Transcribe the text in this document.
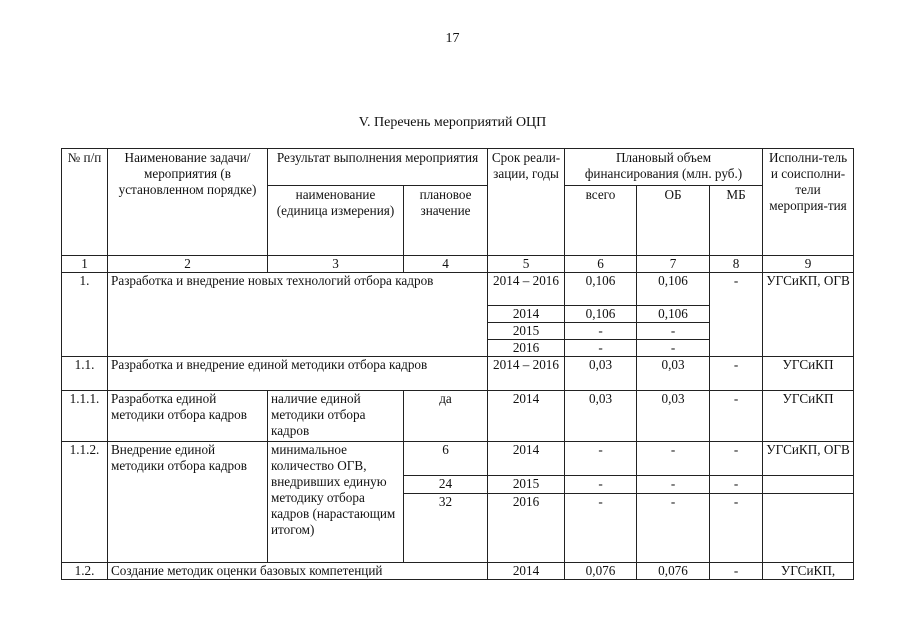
17
V. Перечень мероприятий ОЦП
№ п/п	Наименование задачи/мероприятия (в установленном порядке)	Результат выполнения мероприятия		Срок реали-зации, годы	Плановый объем финансирования (млн. руб.)			Исполни-тель и соисполни-тели мероприя-тия
		наименование (единица измерения)	плановое значение		всего	ОБ	МБ	
1	2	3	4	5	6	7	8	9
1.	Разработка и внедрение новых технологий отбора кадров			2014 – 2016	0,106	0,106	-	УГСиКП, ОГВ
				2014	0,106	0,106		
				2015	-	-		
				2016	-	-		
1.1.	Разработка и внедрение единой методики отбора кадров			2014 – 2016	0,03	0,03	-	УГСиКП
1.1.1.	Разработка единой методики отбора кадров	наличие единой методики отбора кадров	да	2014	0,03	0,03	-	УГСиКП
1.1.2.	Внедрение единой методики отбора кадров	минимальное количество ОГВ, внедривших единую методику отбора кадров (нарастающим итогом)	6	2014	-	-	-	УГСиКП, ОГВ
			24	2015	-	-	-	
			32	2016	-	-	-	
1.2.	Создание методик оценки базовых компетенций			2014	0,076	0,076	-	УГСиКП,
